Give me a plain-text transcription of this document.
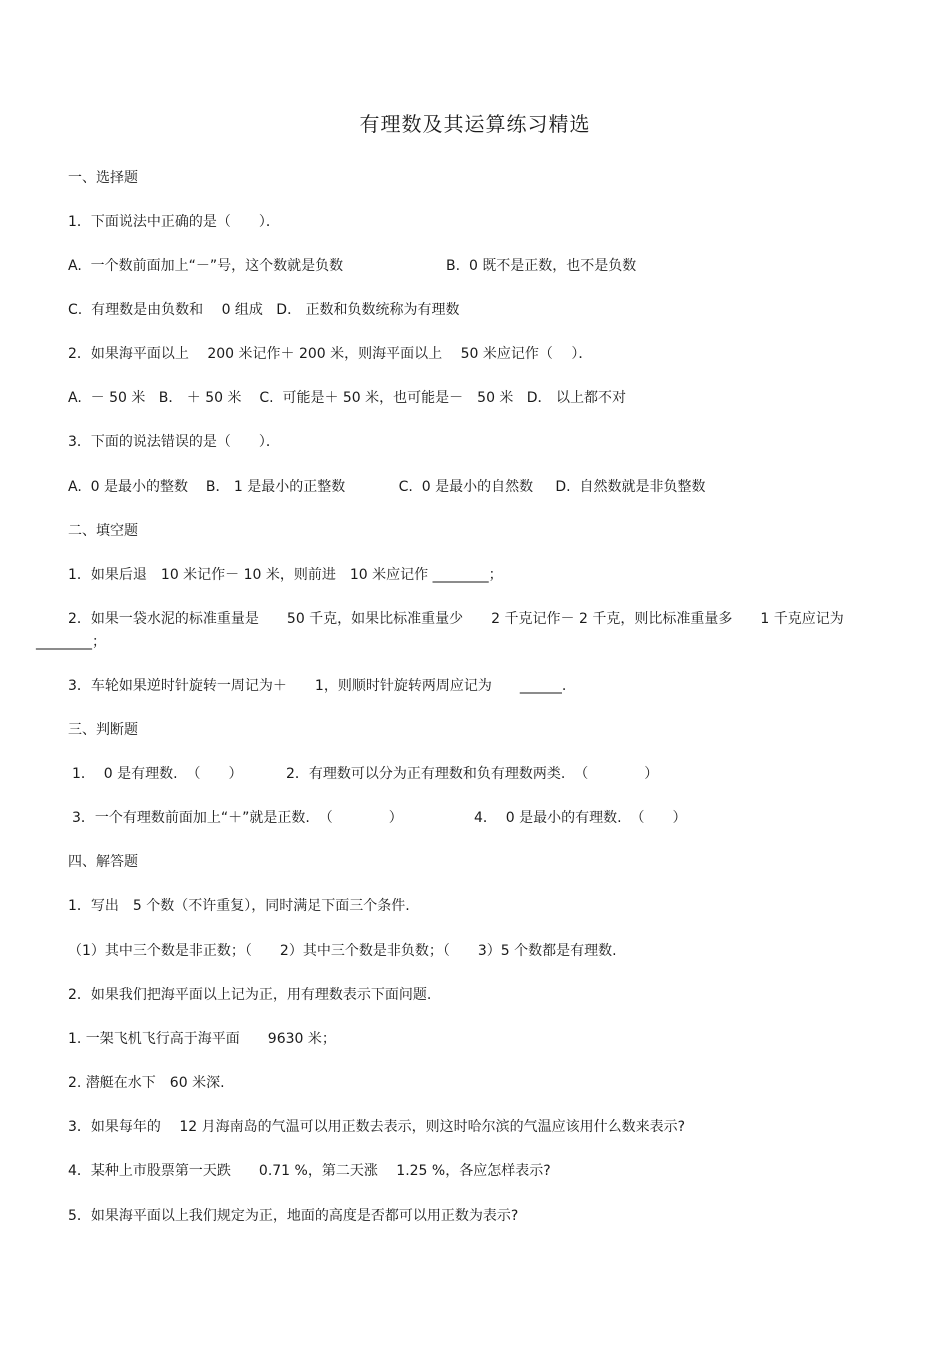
有理数及其运算练习精选
一、选择题
1．下面说法中正确的是（　　）．
A.  一个数前面加上“－”号，这个数就是负数	B.  0 既不是正数，也不是负数
C.  有理数是由负数和　 0 组成   D． 正数和负数统称为有理数
2．如果海平面以上　 200 米记作＋ 200 米，则海平面以上　 50 米应记作（　 ）．
A.  － 50 米   B． ＋ 50 米    C.  可能是＋ 50 米，也可能是－　50 米   D． 以上都不对
3．下面的说法错误的是（　　）．
A.  0 是最小的整数    B． 1 是最小的正整数            C.  0 是最小的自然数     D.  自然数就是非负整数
二、填空题
1．如果后退　10 米记作－ 10 米，则前进　10 米应记作 ________；
2．如果一袋水泥的标准重量是　　50 千克，如果比标准重量少　　2 千克记作－ 2 千克，则比标准重量多　　1 千克应记为
________；
3．车轮如果逆时针旋转一周记为＋　　1，则顺时针旋转两周应记为　　______.
三、判断题
1．  0 是有理数.  （　　）	2．有理数可以分为正有理数和负有理数两类.  （　　　　）
3．一个有理数前面加上“＋”就是正数.  （　　　　）	4．  0 是最小的有理数.  （　　）
四、解答题
1．写出　5 个数（不许重复），同时满足下面三个条件.
（1）其中三个数是非正数；（　　2）其中三个数是非负数；（　　3）5 个数都是有理数.
2．如果我们把海平面以上记为正，用有理数表示下面问题.
1. 一架飞机飞行高于海平面　　9630 米；
2. 潜艇在水下　60 米深.
3．如果每年的　 12 月海南岛的气温可以用正数去表示，则这时哈尔滨的气温应该用什么数来表示?
4．某种上市股票第一天跌　　0.71 %，第二天涨　 1.25 %，各应怎样表示?
5．如果海平面以上我们规定为正，地面的高度是否都可以用正数为表示?
